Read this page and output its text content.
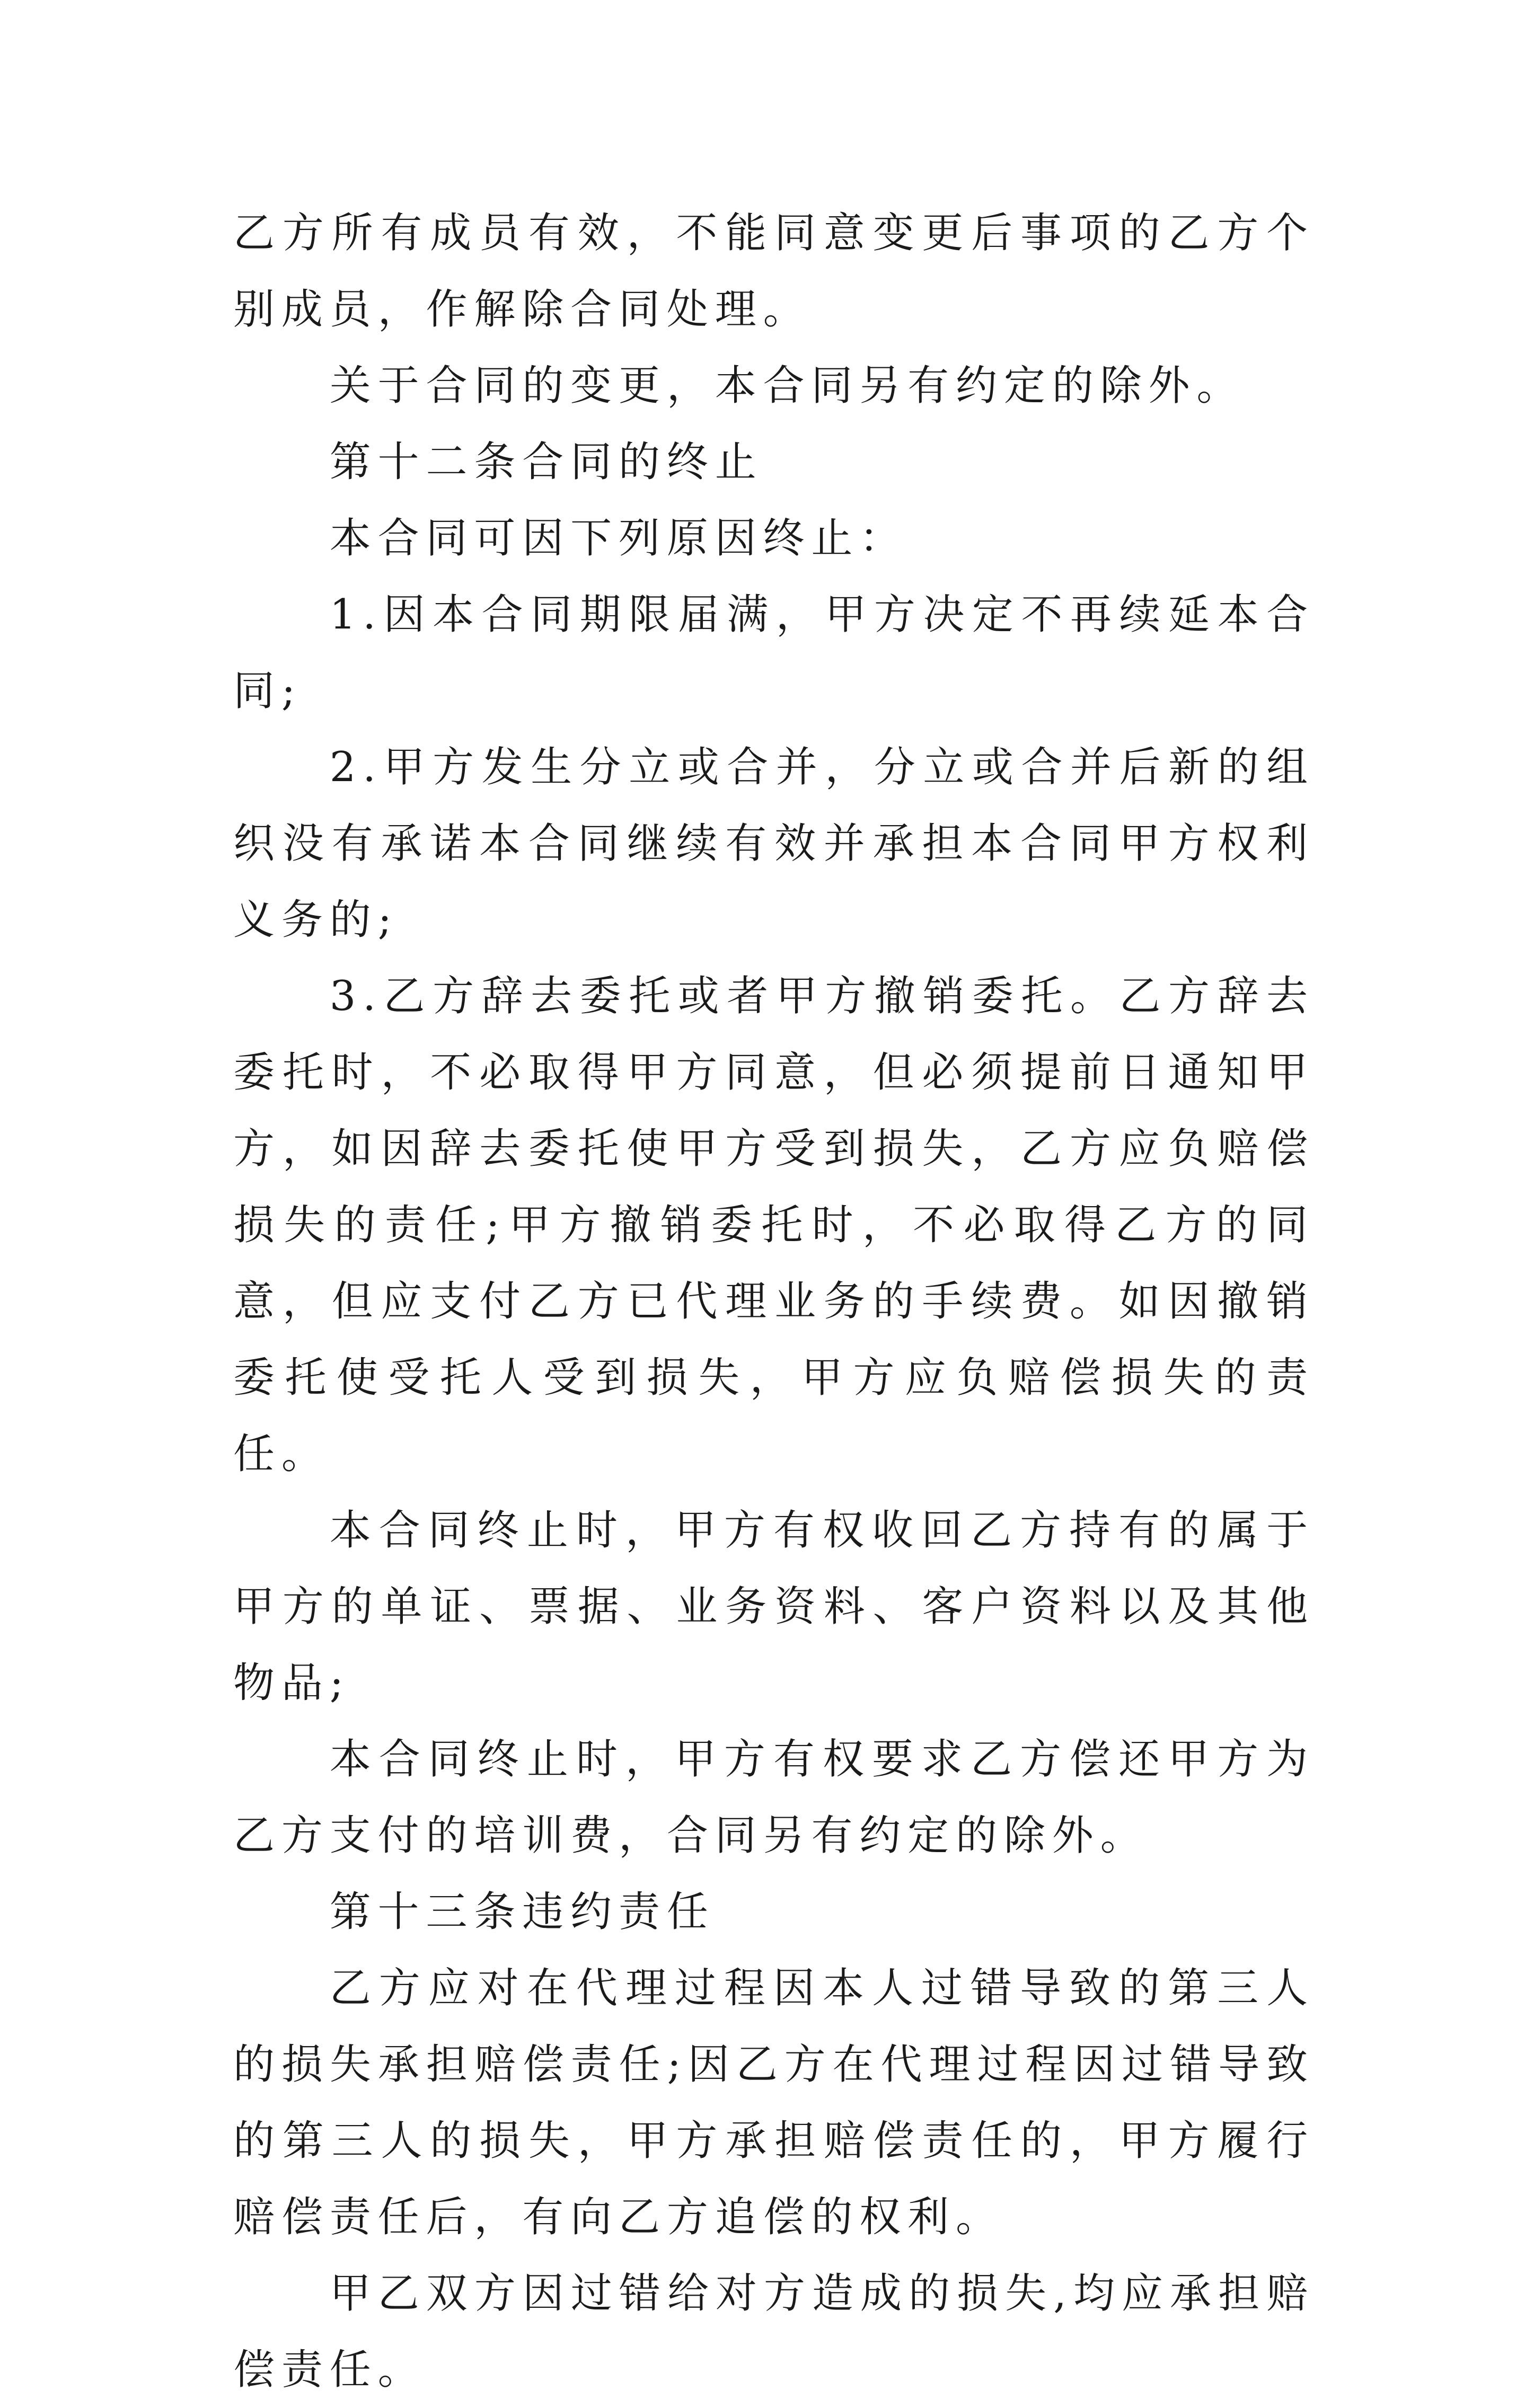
乙方所有成员有效，不能同意变更后事项的乙方个别成员，作解除合同处理。

关于合同的变更，本合同另有约定的除外。

第十二条合同的终止

本合同可因下列原因终止：

1.因本合同期限届满，甲方决定不再续延本合同;

2.甲方发生分立或合并，分立或合并后新的组织没有承诺本合同继续有效并承担本合同甲方权利义务的;

3.乙方辞去委托或者甲方撤销委托。乙方辞去委托时，不必取得甲方同意，但必须提前日通知甲方，如因辞去委托使甲方受到损失，乙方应负赔偿损失的责任;甲方撤销委托时，不必取得乙方的同意，但应支付乙方已代理业务的手续费。如因撤销委托使受托人受到损失，甲方应负赔偿损失的责任。

本合同终止时，甲方有权收回乙方持有的属于甲方的单证、票据、业务资料、客户资料以及其他物品;

本合同终止时，甲方有权要求乙方偿还甲方为乙方支付的培训费，合同另有约定的除外。

第十三条违约责任

乙方应对在代理过程因本人过错导致的第三人的损失承担赔偿责任;因乙方在代理过程因过错导致的第三人的损失，甲方承担赔偿责任的，甲方履行赔偿责任后，有向乙方追偿的权利。

甲乙双方因过错给对方造成的损失,均应承担赔偿责任。
